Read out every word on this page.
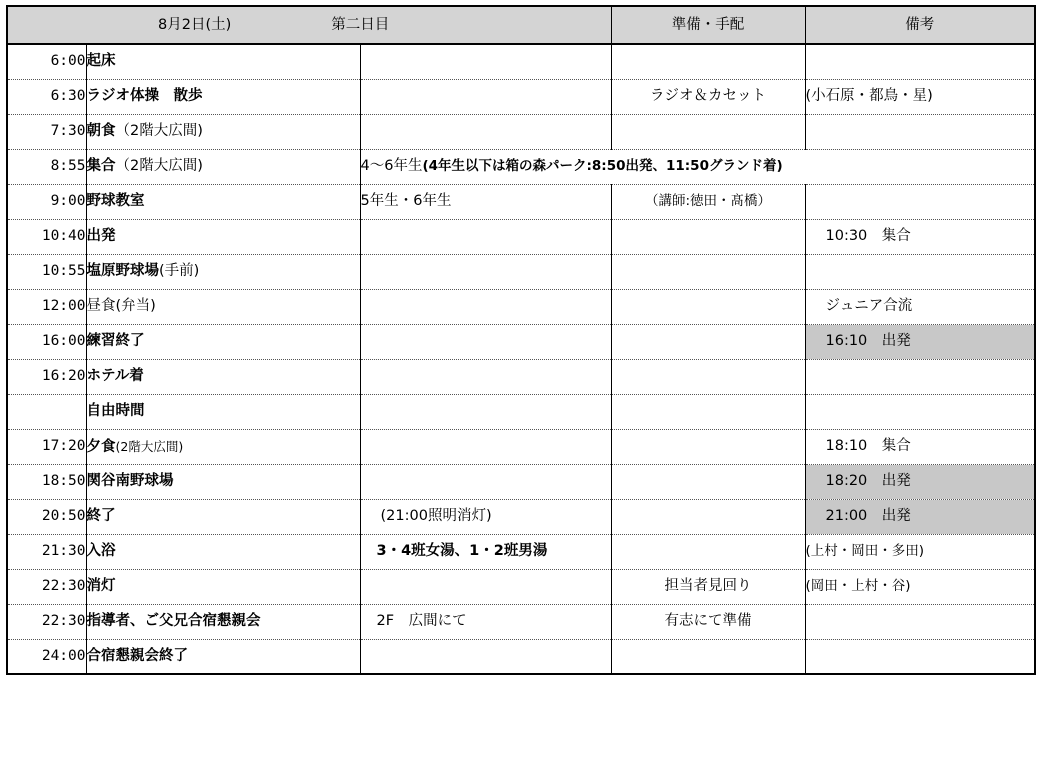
8月2日(土) 第二日目			準備・手配	備考
6:00	起床			
6:30	ラジオ体操　散歩		ラジオ＆カセット	(小石原・都鳥・星)
7:30	朝食（2階大広間)			
8:55	集合（2階大広間)	4～6年生(4年生以下は箱の森パーク:8:50出発、11:50グランド着)		
9:00	野球教室	5年生・6年生	（講師:徳田・髙橋）	
10:40	出発			10:30　集合
10:55	塩原野球場(手前)			
12:00	昼食(弁当)			ジュニア合流
16:00	練習終了			16:10　出発
16:20	ホテル着			
	自由時間			
17:20	夕食(2階大広間)			18:10　集合
18:50	関谷南野球場			18:20　出発
20:50	終了	(21:00照明消灯)		21:00　出発
21:30	入浴	3・4班女湯、1・2班男湯		(上村・岡田・多田)
22:30	消灯		担当者見回り	(岡田・上村・谷)
22:30	指導者、ご父兄合宿懇親会	2F　広間にて	有志にて準備	
24:00	合宿懇親会終了			
